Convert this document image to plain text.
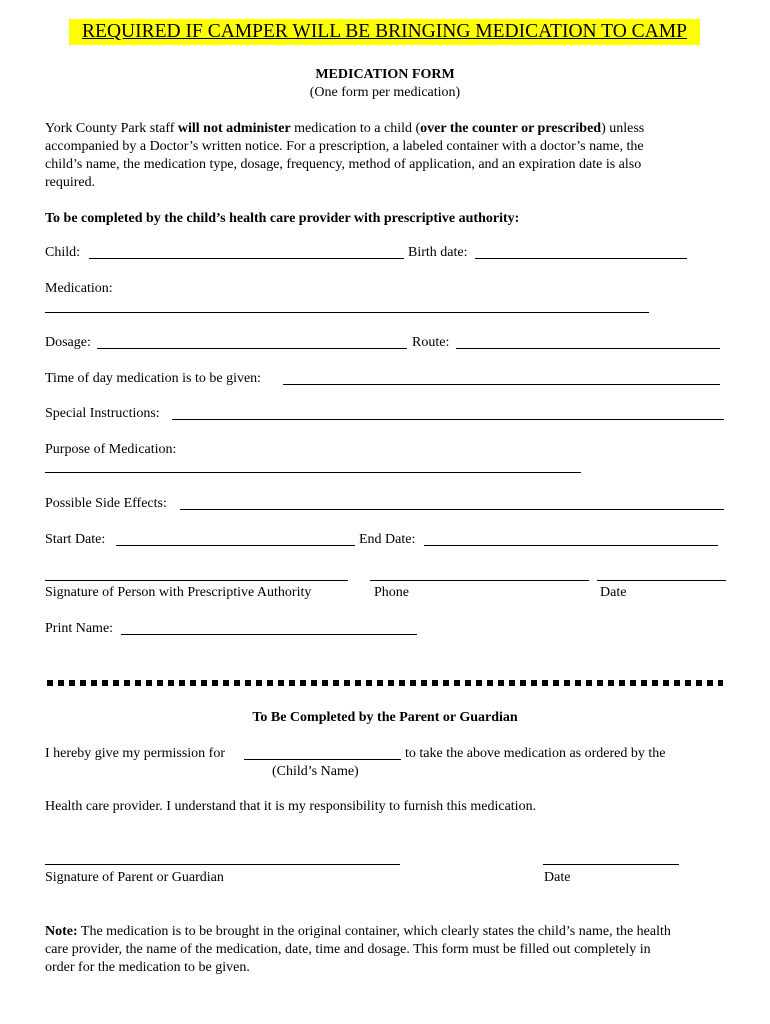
REQUIRED IF CAMPER WILL BE BRINGING MEDICATION TO CAMP
MEDICATION FORM
(One form per medication)
York County Park staff will not administer medication to a child (over the counter or prescribed) unless
accompanied by a Doctor’s written notice. For a prescription, a labeled container with a doctor’s name, the
child’s name, the medication type, dosage, frequency, method of application, and an expiration date is also
required.
To be completed by the child’s health care provider with prescriptive authority:
Child:	Birth date:
Medication:
Dosage:	Route:
Time of day medication is to be given:
Special Instructions:
Purpose of Medication:
Possible Side Effects:
Start Date:	End Date:
Signature of Person with Prescriptive Authority	Phone	Date
Print Name:
To Be Completed by the Parent or Guardian
I hereby give my permission for	to take the above medication as ordered by the
(Child’s Name)
Health care provider. I understand that it is my responsibility to furnish this medication.
Signature of Parent or Guardian	Date
Note: The medication is to be brought in the original container, which clearly states the child’s name, the health
care provider, the name of the medication, date, time and dosage. This form must be filled out completely in
order for the medication to be given.
